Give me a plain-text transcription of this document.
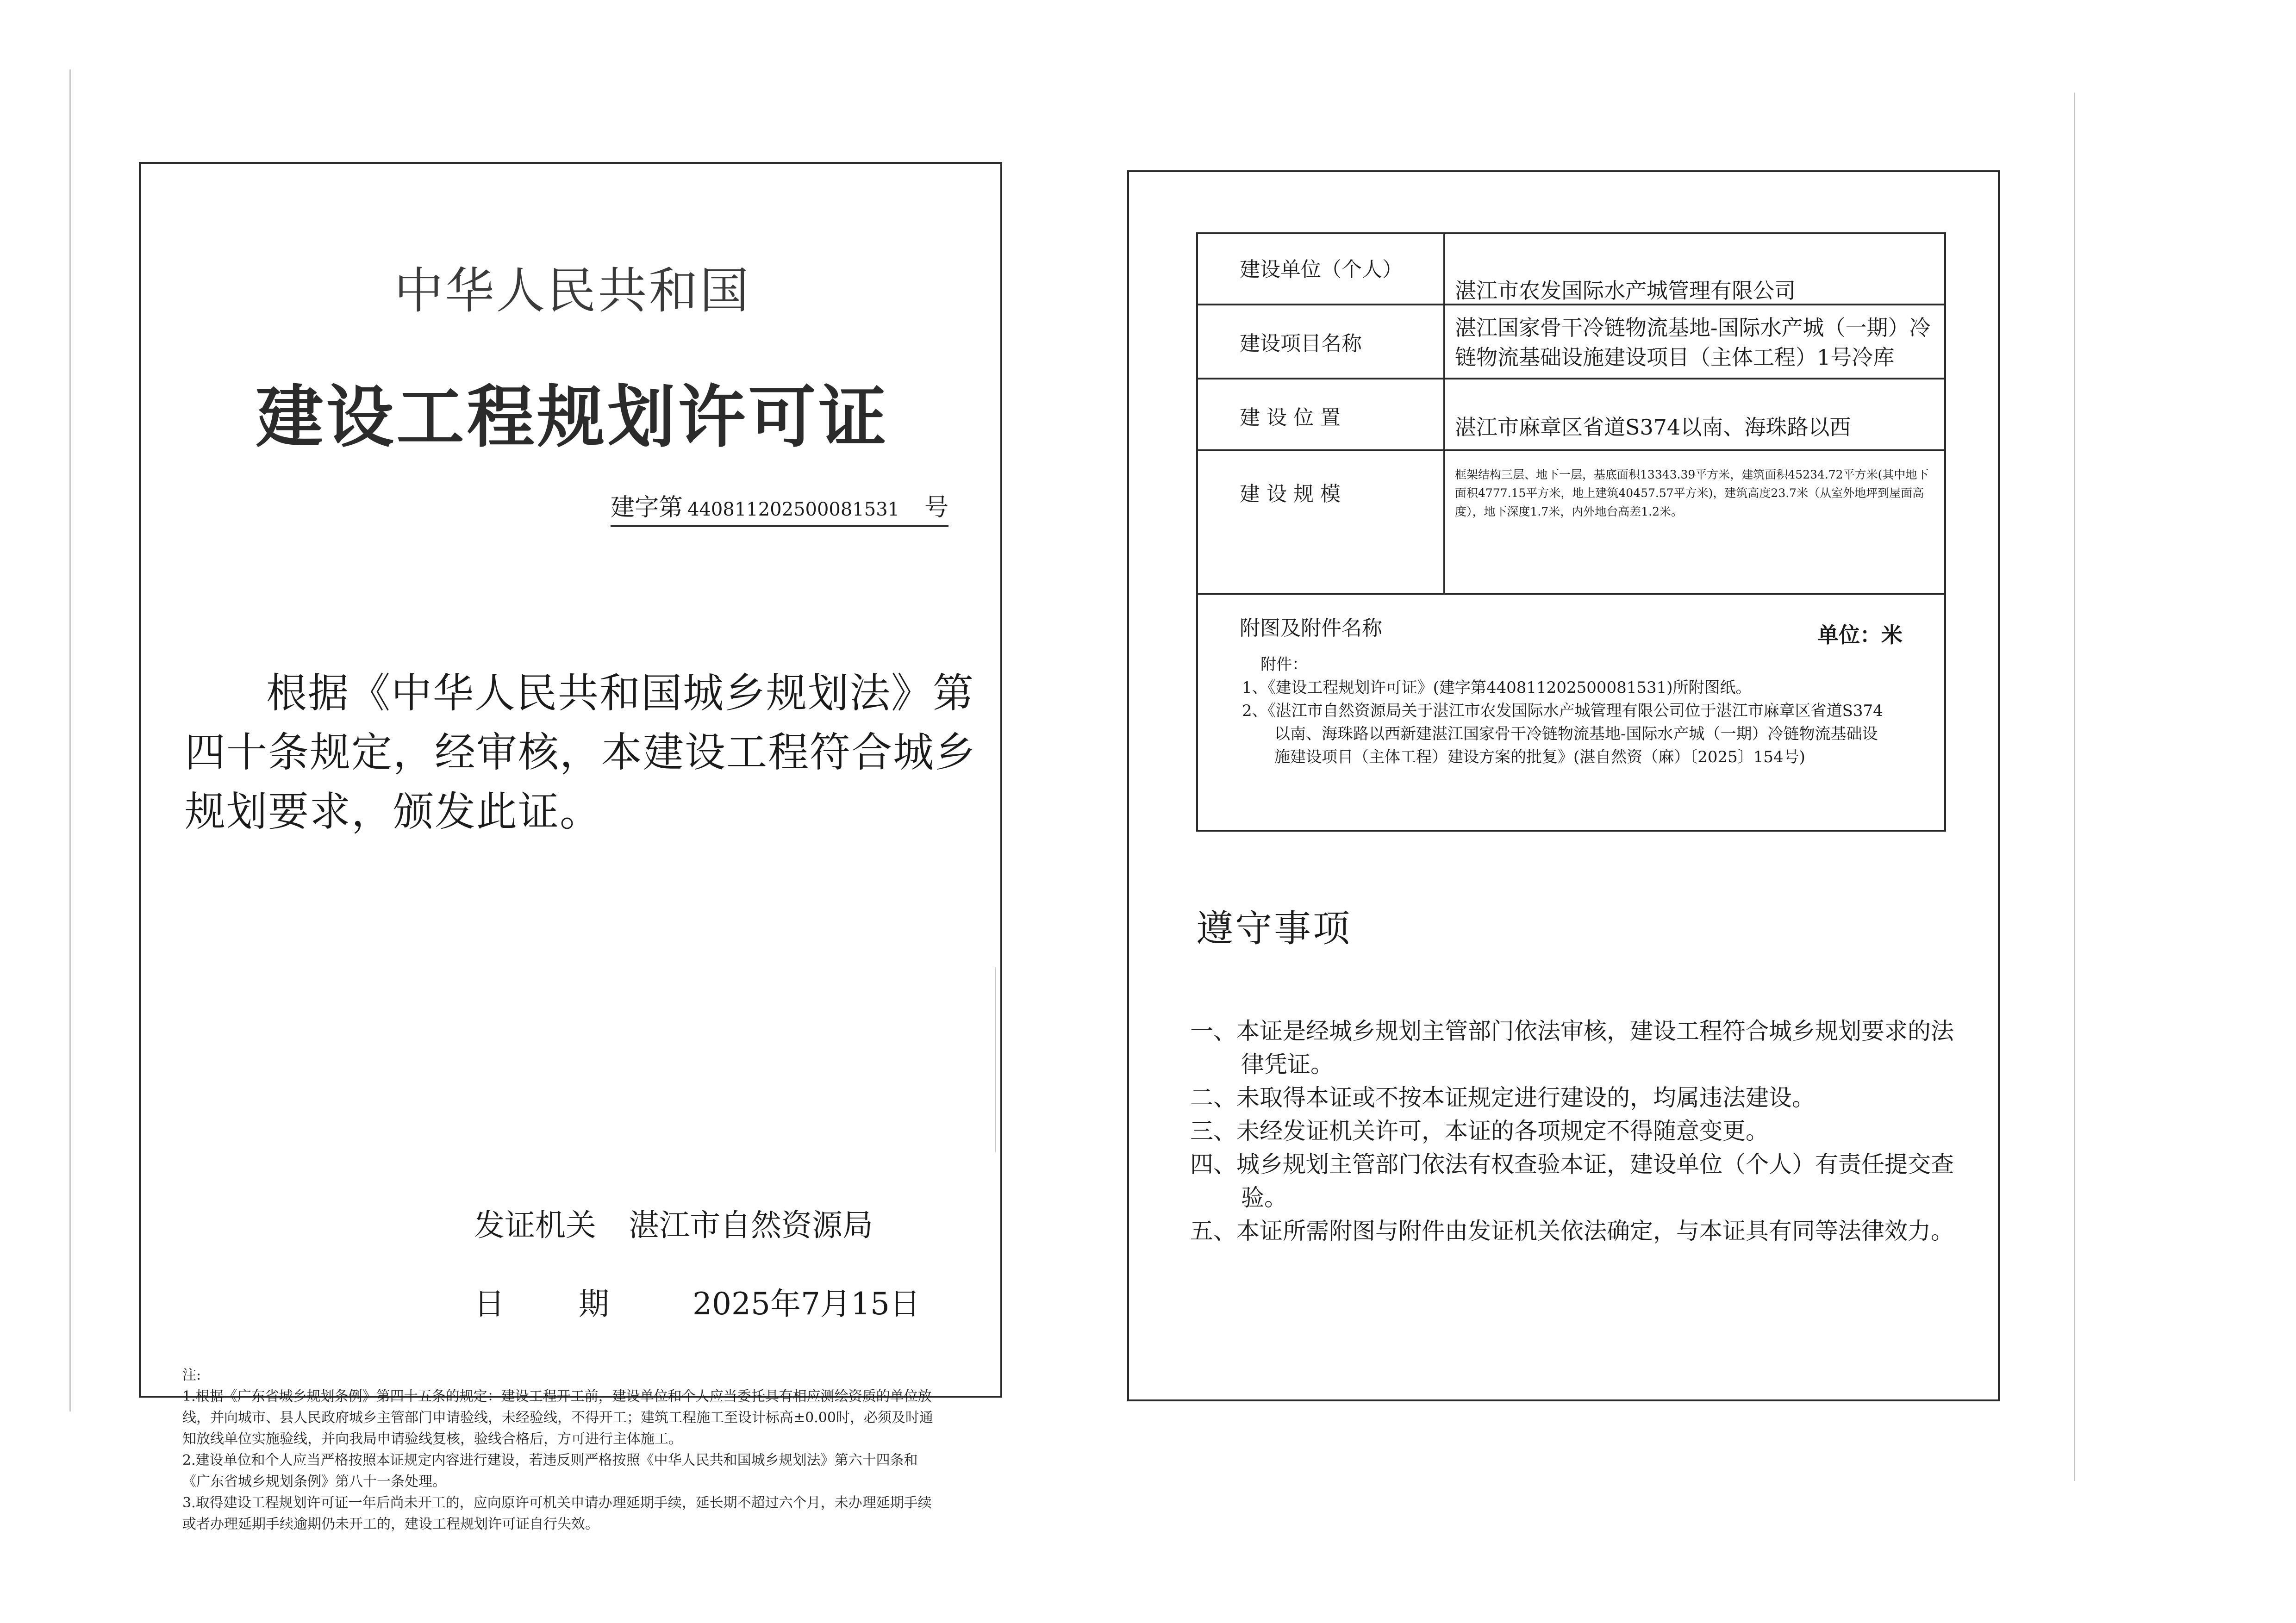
中华人民共和国
建设工程规划许可证
建字第 440811202500081531 号
根据《中华人民共和国城乡规划法》第四十条规定，经审核，本建设工程符合城乡规划要求，颁发此证。
发证机关 湛江市自然资源局
日期 2025年7月15日
注:
1.根据《广东省城乡规划条例》第四十五条的规定：建设工程开工前，建设单位和个人应当委托具有相应测绘资质的单位放线，并向城市、县人民政府城乡主管部门申请验线，未经验线，不得开工；建筑工程施工至设计标高±0.00时，必须及时通知放线单位实施验线，并向我局申请验线复核，验线合格后，方可进行主体施工。
2.建设单位和个人应当严格按照本证规定内容进行建设，若违反则严格按照《中华人民共和国城乡规划法》第六十四条和《广东省城乡规划条例》第八十一条处理。
3.取得建设工程规划许可证一年后尚未开工的，应向原许可机关申请办理延期手续，延长期不超过六个月，未办理延期手续或者办理延期手续逾期仍未开工的，建设工程规划许可证自行失效。
建设单位（个人）
湛江市农发国际水产城管理有限公司
建设项目名称
湛江国家骨干冷链物流基地-国际水产城（一期）冷链物流基础设施建设项目（主体工程）1号冷库
建 设 位 置	湛江市麻章区省道S374以南、海珠路以西
建 设 规 模
框架结构三层、地下一层，基底面积13343.39平方米，建筑面积45234.72平方米(其中地下面积4777.15平方米，地上建筑40457.57平方米)，建筑高度23.7米（从室外地坪到屋面高度），地下深度1.7米，内外地台高差1.2米。
附图及附件名称	单位：米
附件：
1、《建设工程规划许可证》(建字第440811202500081531)所附图纸。
2、《湛江市自然资源局关于湛江市农发国际水产城管理有限公司位于湛江市麻章区省道S374以南、海珠路以西新建湛江国家骨干冷链物流基地-国际水产城（一期）冷链物流基础设施建设项目（主体工程）建设方案的批复》(湛自然资（麻）〔2025〕154号)
遵守事项
一、本证是经城乡规划主管部门依法审核，建设工程符合城乡规划要求的法律凭证。
二、未取得本证或不按本证规定进行建设的，均属违法建设。
三、未经发证机关许可，本证的各项规定不得随意变更。
四、城乡规划主管部门依法有权查验本证，建设单位（个人）有责任提交查验。
五、本证所需附图与附件由发证机关依法确定，与本证具有同等法律效力。
